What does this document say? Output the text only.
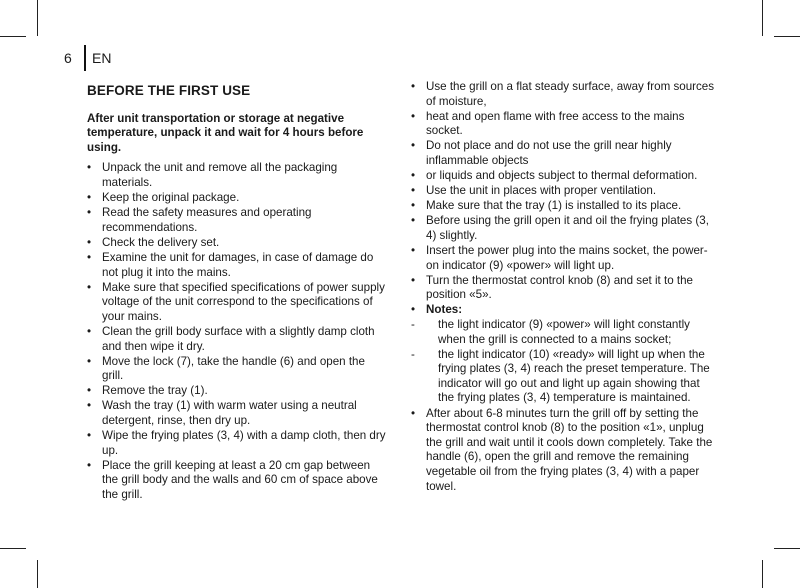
6	EN
BEFORE THE FIRST USE

After unit transportation or storage at negative temperature, unpack it and wait for 4 hours before using.

• Unpack the unit and remove all the packaging materials.
• Keep the original package.
• Read the safety measures and operating recommendations.
• Check the delivery set.
• Examine the unit for damages, in case of damage do not plug it into the mains.
• Make sure that specified specifications of power supply voltage of the unit correspond to the specifications of your mains.
• Clean the grill body surface with a slightly damp cloth and then wipe it dry.
• Move the lock (7), take the handle (6) and open the grill.
• Remove the tray (1).
• Wash the tray (1) with warm water using a neutral detergent, rinse, then dry up.
• Wipe the frying plates (3, 4) with a damp cloth, then dry up.
• Place the grill keeping at least a 20 cm gap between the grill body and the walls and 60 cm of space above the grill.
• Use the grill on a flat steady surface, away from sources of moisture,
• heat and open flame with free access to the mains socket.
• Do not place and do not use the grill near highly inflammable objects
• or liquids and objects subject to thermal deformation.
• Use the unit in places with proper ventilation.
• Make sure that the tray (1) is installed to its place.
• Before using the grill open it and oil the frying plates (3, 4) slightly.
• Insert the power plug into the mains socket, the power-on indicator (9) «power» will light up.
• Turn the thermostat control knob (8) and set it to the position «5».
• Notes:
- the light indicator (9) «power» will light constantly when the grill is connected to a mains socket;
- the light indicator (10) «ready» will light up when the frying plates (3, 4) reach the preset temperature. The indicator will go out and light up again showing that the frying plates (3, 4) temperature is maintained.
• After about 6-8 minutes turn the grill off by setting the thermostat control knob (8) to the position «1», unplug the grill and wait until it cools down completely. Take the handle (6), open the grill and remove the remaining vegetable oil from the frying plates (3, 4) with a paper towel.
